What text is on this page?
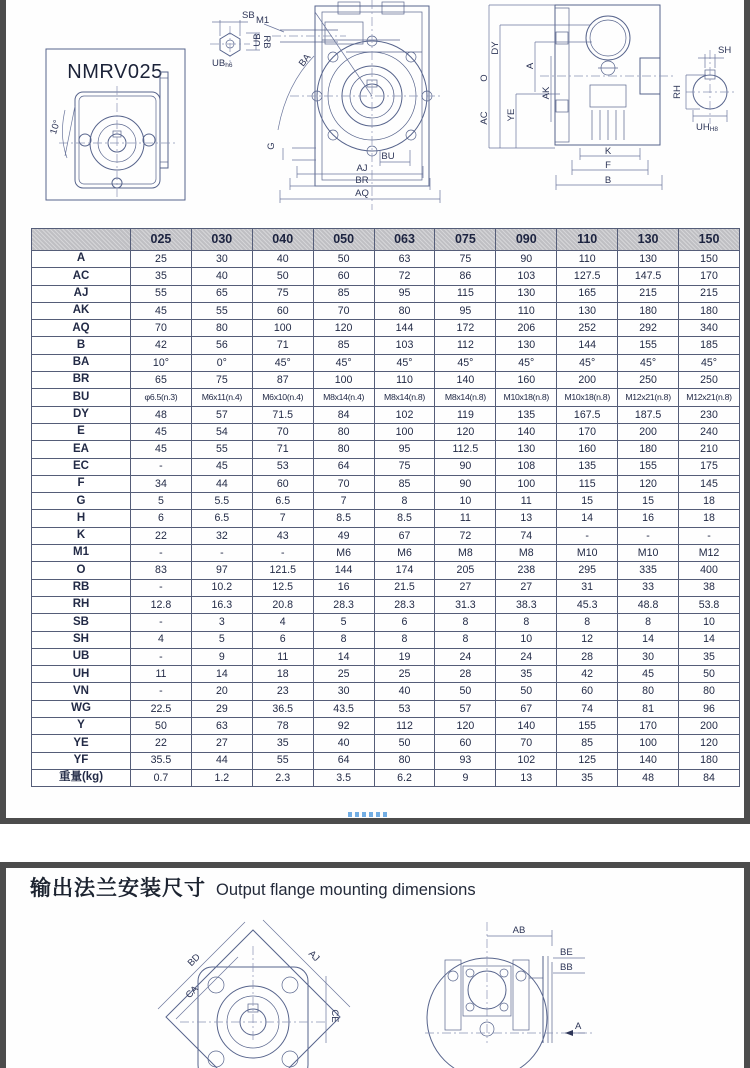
NMRV025
10°
SB
RB
UBh6
M1
UB
BA
G
BU
AJ
BR
AQ
O
DY
A
AK
AC YE
K
F
B
SH
RH
UHH8
	025	030	040	050	063	075	090	110	130	150
A	25	30	40	50	63	75	90	110	130	150
AC	35	40	50	60	72	86	103	127.5	147.5	170
AJ	55	65	75	85	95	115	130	165	215	215
AK	45	55	60	70	80	95	110	130	180	180
AQ	70	80	100	120	144	172	206	252	292	340
B	42	56	71	85	103	112	130	144	155	185
BA	10°	0°	45°	45°	45°	45°	45°	45°	45°	45°
BR	65	75	87	100	110	140	160	200	250	250
BU	φ6.5(n.3)	M6x11(n.4)	M6x10(n.4)	M8x14(n.4)	M8x14(n.8)	M8x14(n.8)	M10x18(n.8)	M10x18(n.8)	M12x21(n.8)	M12x21(n.8)
DY	48	57	71.5	84	102	119	135	167.5	187.5	230
E	45	54	70	80	100	120	140	170	200	240
EA	45	55	71	80	95	112.5	130	160	180	210
EC	-	45	53	64	75	90	108	135	155	175
F	34	44	60	70	85	90	100	115	120	145
G	5	5.5	6.5	7	8	10	11	15	15	18
H	6	6.5	7	8.5	8.5	11	13	14	16	18
K	22	32	43	49	67	72	74	-	-	-
M1	-	-	-	M6	M6	M8	M8	M10	M10	M12
O	83	97	121.5	144	174	205	238	295	335	400
RB	-	10.2	12.5	16	21.5	27	27	31	33	38
RH	12.8	16.3	20.8	28.3	28.3	31.3	38.3	45.3	48.8	53.8
SB	-	3	4	5	6	8	8	8	8	10
SH	4	5	6	8	8	8	10	12	14	14
UB	-	9	11	14	19	24	24	28	30	35
UH	11	14	18	25	25	28	35	42	45	50
VN	-	20	23	30	40	50	50	60	80	80
WG	22.5	29	36.5	43.5	53	57	67	74	81	96
Y	50	63	78	92	112	120	140	155	170	200
YE	22	27	35	40	50	60	70	85	100	120
YF	35.5	44	55	64	80	93	102	125	140	180
重量(kg)	0.7	1.2	2.3	3.5	6.2	9	13	35	48	84
输出法兰安装尺寸 Output flange mounting dimensions
BD
CA
AJ
CE
AB
BE
BB
A
